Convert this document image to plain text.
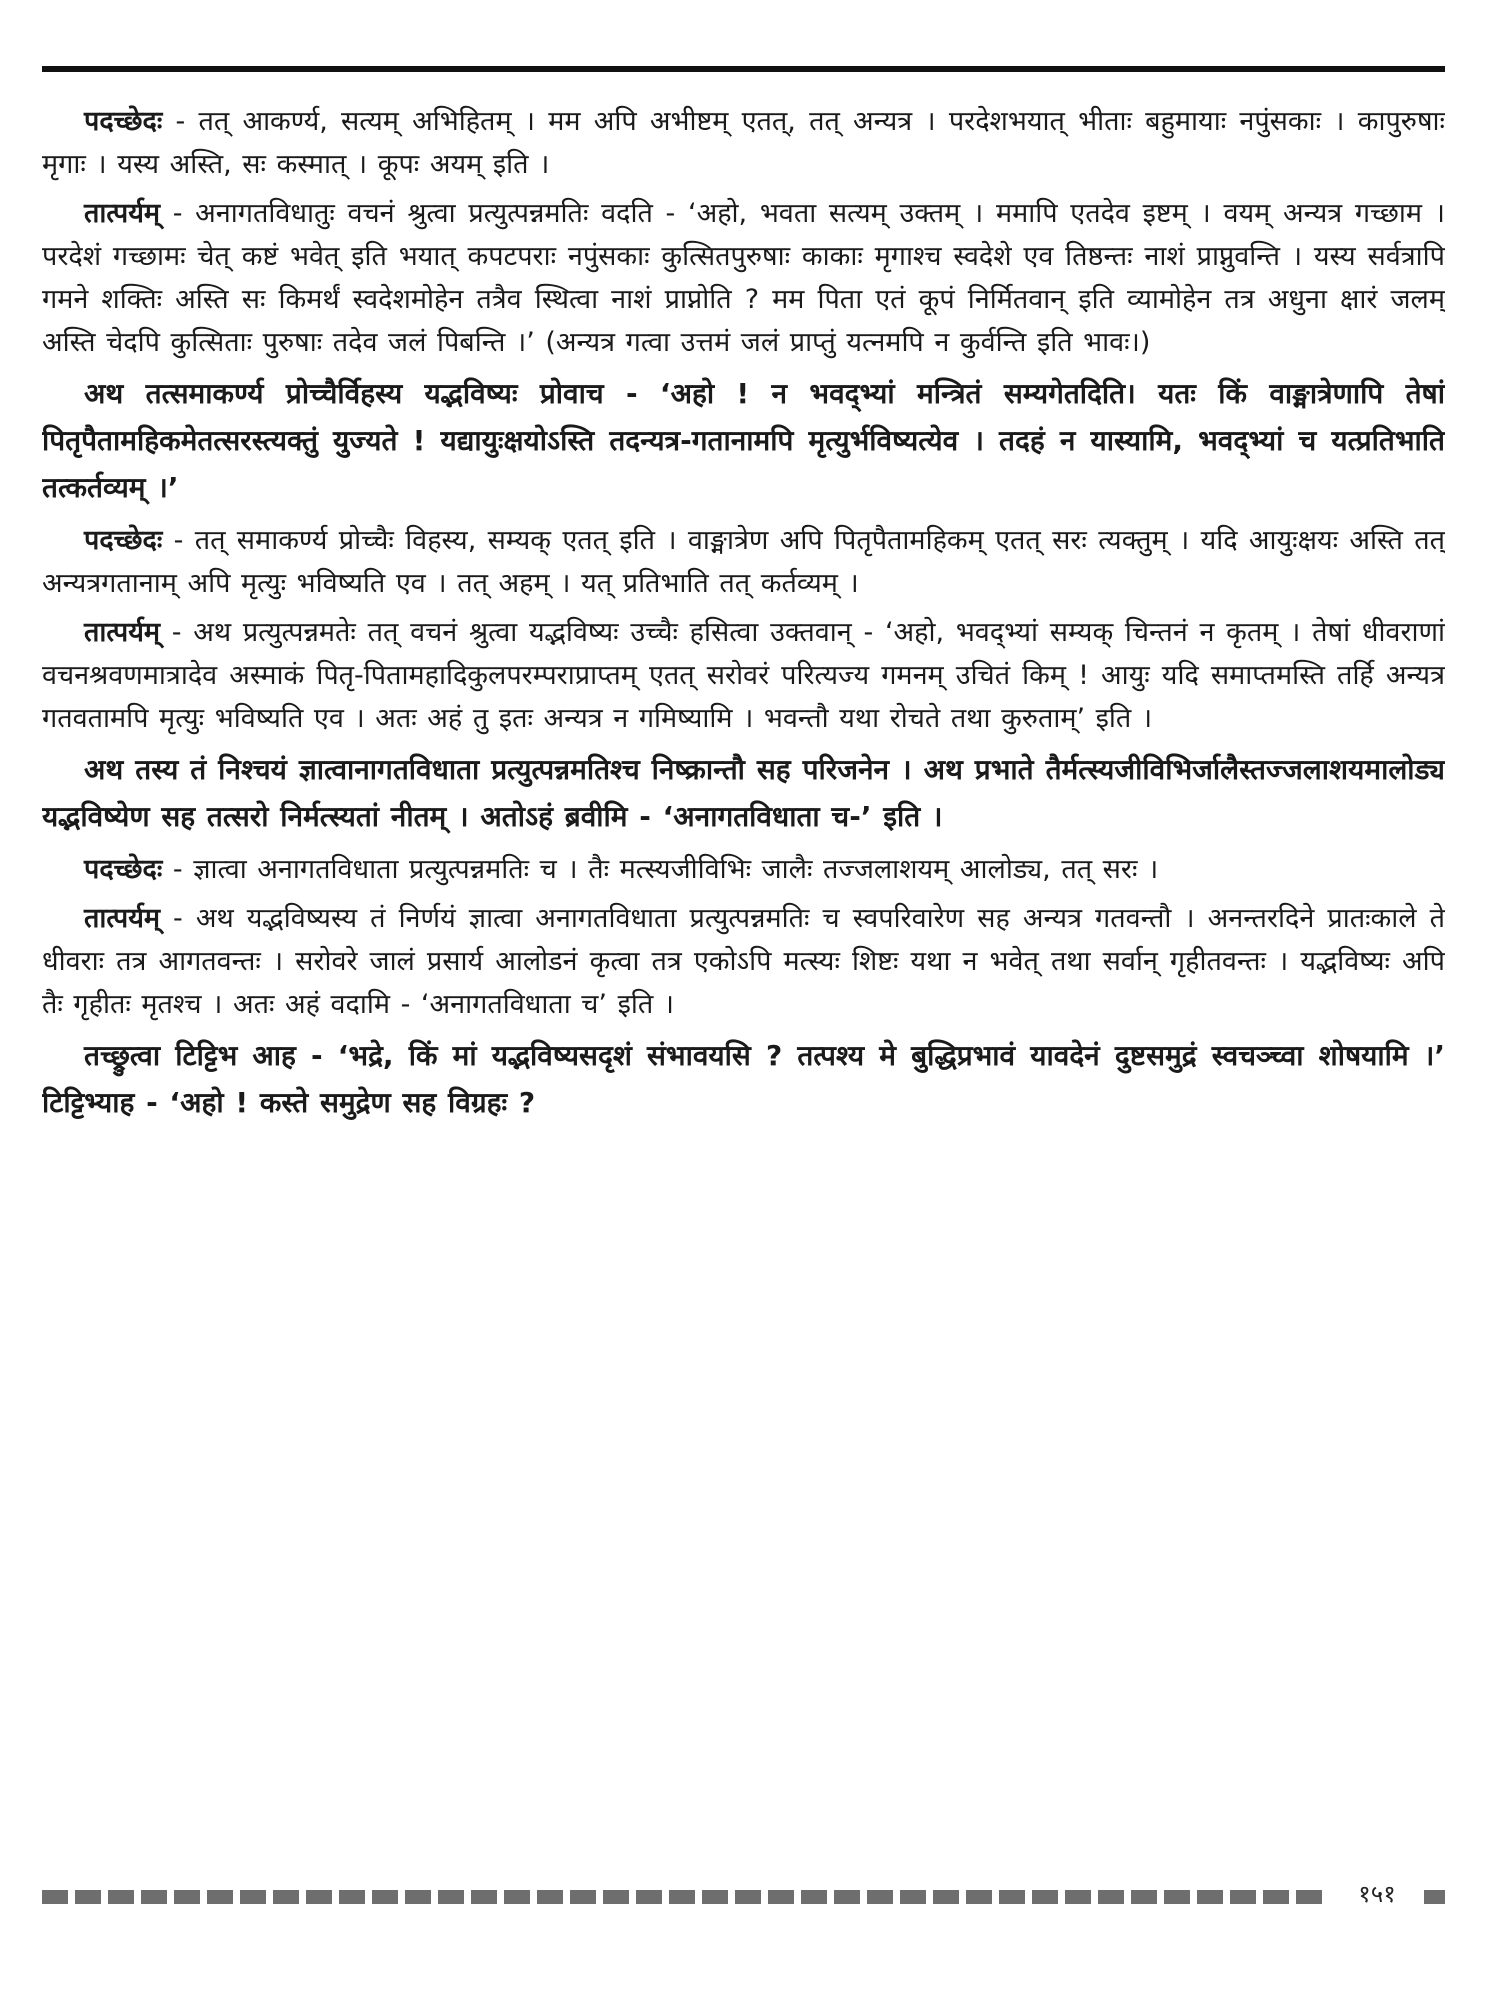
पदच्छेदः - तत् आकर्ण्य, सत्यम् अभिहितम् । मम अपि अभीष्टम् एतत्, तत् अन्यत्र । परदेशभयात् भीताः बहुमायाः नपुंसकाः । कापुरुषाः मृगाः । यस्य अस्ति, सः कस्मात् । कूपः अयम् इति ।

तात्पर्यम् - अनागतविधातुः वचनं श्रुत्वा प्रत्युत्पन्नमतिः वदति - ‘अहो, भवता सत्यम् उक्तम् । ममापि एतदेव इष्टम् । वयम् अन्यत्र गच्छाम । परदेशं गच्छामः चेत् कष्टं भवेत् इति भयात् कपटपराः नपुंसकाः कुत्सितपुरुषाः काकाः मृगाश्च स्वदेशे एव तिष्ठन्तः नाशं प्राप्नुवन्ति । यस्य सर्वत्रापि गमने शक्तिः अस्ति सः किमर्थं स्वदेशमोहेन तत्रैव स्थित्वा नाशं प्राप्नोति ? मम पिता एतं कूपं निर्मितवान् इति व्यामोहेन तत्र अधुना क्षारं जलम् अस्ति चेदपि कुत्सिताः पुरुषाः तदेव जलं पिबन्ति ।’ (अन्यत्र गत्वा उत्तमं जलं प्राप्तुं यत्नमपि न कुर्वन्ति इति भावः।)

अथ तत्समाकर्ण्य प्रोच्चैर्विहस्य यद्भविष्यः प्रोवाच - ‘अहो ! न भवद्भ्यां मन्त्रितं सम्यगेतदिति। यतः किं वाङ्मात्रेणापि तेषां पितृपैतामहिकमेतत्सरस्त्यक्तुं युज्यते ! यद्यायुःक्षयोऽस्ति तदन्यत्र-गतानामपि मृत्युर्भविष्यत्येव । तदहं न यास्यामि, भवद्भ्यां च यत्प्रतिभाति तत्कर्तव्यम् ।’

पदच्छेदः - तत् समाकर्ण्य प्रोच्चैः विहस्य, सम्यक् एतत् इति । वाङ्मात्रेण अपि पितृपैतामहिकम् एतत् सरः त्यक्तुम् । यदि आयुःक्षयः अस्ति तत् अन्यत्रगतानाम् अपि मृत्युः भविष्यति एव । तत् अहम् । यत् प्रतिभाति तत् कर्तव्यम् ।

तात्पर्यम् - अथ प्रत्युत्पन्नमतेः तत् वचनं श्रुत्वा यद्भविष्यः उच्चैः हसित्वा उक्तवान् - ‘अहो, भवद्भ्यां सम्यक् चिन्तनं न कृतम् । तेषां धीवराणां वचनश्रवणमात्रादेव अस्माकं पितृ-पितामहादिकुलपरम्पराप्राप्तम् एतत् सरोवरं परित्यज्य गमनम् उचितं किम् ! आयुः यदि समाप्तमस्ति तर्हि अन्यत्र गतवतामपि मृत्युः भविष्यति एव । अतः अहं तु इतः अन्यत्र न गमिष्यामि । भवन्तौ यथा रोचते तथा कुरुताम्’ इति ।

अथ तस्य तं निश्चयं ज्ञात्वानागतविधाता प्रत्युत्पन्नमतिश्च निष्क्रान्तौ सह परिजनेन । अथ प्रभाते तैर्मत्स्यजीविभिर्जालैस्तज्जलाशयमालोड्य यद्भविष्येण सह तत्सरो निर्मत्स्यतां नीतम् । अतोऽहं ब्रवीमि - ‘अनागतविधाता च-’ इति ।

पदच्छेदः - ज्ञात्वा अनागतविधाता प्रत्युत्पन्नमतिः च । तैः मत्स्यजीविभिः जालैः तज्जलाशयम् आलोड्य, तत् सरः ।

तात्पर्यम् - अथ यद्भविष्यस्य तं निर्णयं ज्ञात्वा अनागतविधाता प्रत्युत्पन्नमतिः च स्वपरिवारेण सह अन्यत्र गतवन्तौ । अनन्तरदिने प्रातःकाले ते धीवराः तत्र आगतवन्तः । सरोवरे जालं प्रसार्य आलोडनं कृत्वा तत्र एकोऽपि मत्स्यः शिष्टः यथा न भवेत् तथा सर्वान् गृहीतवन्तः । यद्भविष्यः अपि तैः गृहीतः मृतश्च । अतः अहं वदामि - ‘अनागतविधाता च’ इति ।

तच्छ्रुत्वा टिट्टिभ आह - ‘भद्रे, किं मां यद्भविष्यसदृशं संभावयसि ? तत्पश्य मे बुद्धिप्रभावं यावदेनं दुष्टसमुद्रं स्वचञ्च्वा शोषयामि ।’ टिट्टिभ्याह - ‘अहो ! कस्ते समुद्रेण सह विग्रहः ?

१५१
